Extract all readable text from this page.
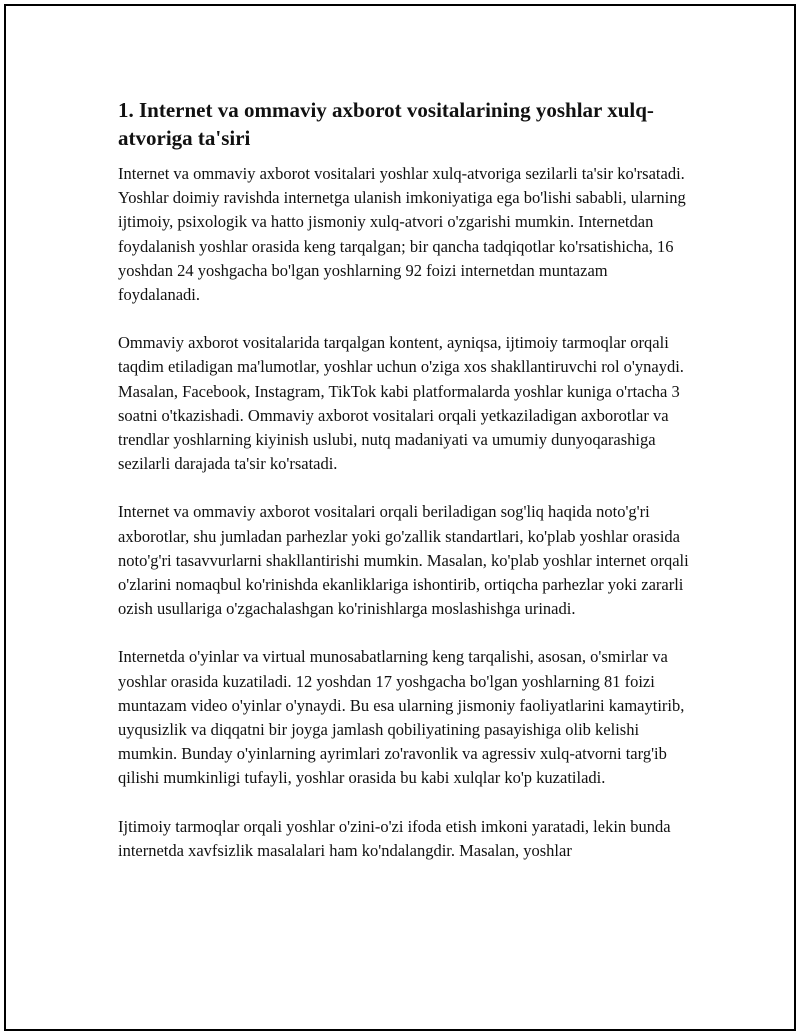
1. Internet va ommaviy axborot vositalarining yoshlar xulq-atvoriga ta'siri

Internet va ommaviy axborot vositalari yoshlar xulq-atvoriga sezilarli ta'sir ko'rsatadi. Yoshlar doimiy ravishda internetga ulanish imkoniyatiga ega bo'lishi sababli, ularning ijtimoiy, psixologik va hatto jismoniy xulq-atvori o'zgarishi mumkin. Internetdan foydalanish yoshlar orasida keng tarqalgan; bir qancha tadqiqotlar ko'rsatishicha, 16 yoshdan 24 yoshgacha bo'lgan yoshlarning 92 foizi internetdan muntazam foydalanadi.

Ommaviy axborot vositalarida tarqalgan kontent, ayniqsa, ijtimoiy tarmoqlar orqali taqdim etiladigan ma'lumotlar, yoshlar uchun o'ziga xos shakllantiruvchi rol o'ynaydi. Masalan, Facebook, Instagram, TikTok kabi platformalarda yoshlar kuniga o'rtacha 3 soatni o'tkazishadi. Ommaviy axborot vositalari orqali yetkaziladigan axborotlar va trendlar yoshlarning kiyinish uslubi, nutq madaniyati va umumiy dunyoqarashiga sezilarli darajada ta'sir ko'rsatadi.

Internet va ommaviy axborot vositalari orqali beriladigan sog'liq haqida noto'g'ri axborotlar, shu jumladan parhezlar yoki go'zallik standartlari, ko'plab yoshlar orasida noto'g'ri tasavvurlarni shakllantirishi mumkin. Masalan, ko'plab yoshlar internet orqali o'zlarini nomaqbul ko'rinishda ekanliklariga ishontirib, ortiqcha parhezlar yoki zararli ozish usullariga o'zgachalashgan ko'rinishlarga moslashishga urinadi.

Internetda o'yinlar va virtual munosabatlarning keng tarqalishi, asosan, o'smirlar va yoshlar orasida kuzatiladi. 12 yoshdan 17 yoshgacha bo'lgan yoshlarning 81 foizi muntazam video o'yinlar o'ynaydi. Bu esa ularning jismoniy faoliyatlarini kamaytirib, uyqusizlik va diqqatni bir joyga jamlash qobiliyatining pasayishiga olib kelishi mumkin. Bunday o'yinlarning ayrimlari zo'ravonlik va agressiv xulq-atvorni targ'ib qilishi mumkinligi tufayli, yoshlar orasida bu kabi xulqlar ko'p kuzatiladi.

Ijtimoiy tarmoqlar orqali yoshlar o'zini-o'zi ifoda etish imkoni yaratadi, lekin bunda internetda xavfsizlik masalalari ham ko'ndalangdir. Masalan, yoshlar
